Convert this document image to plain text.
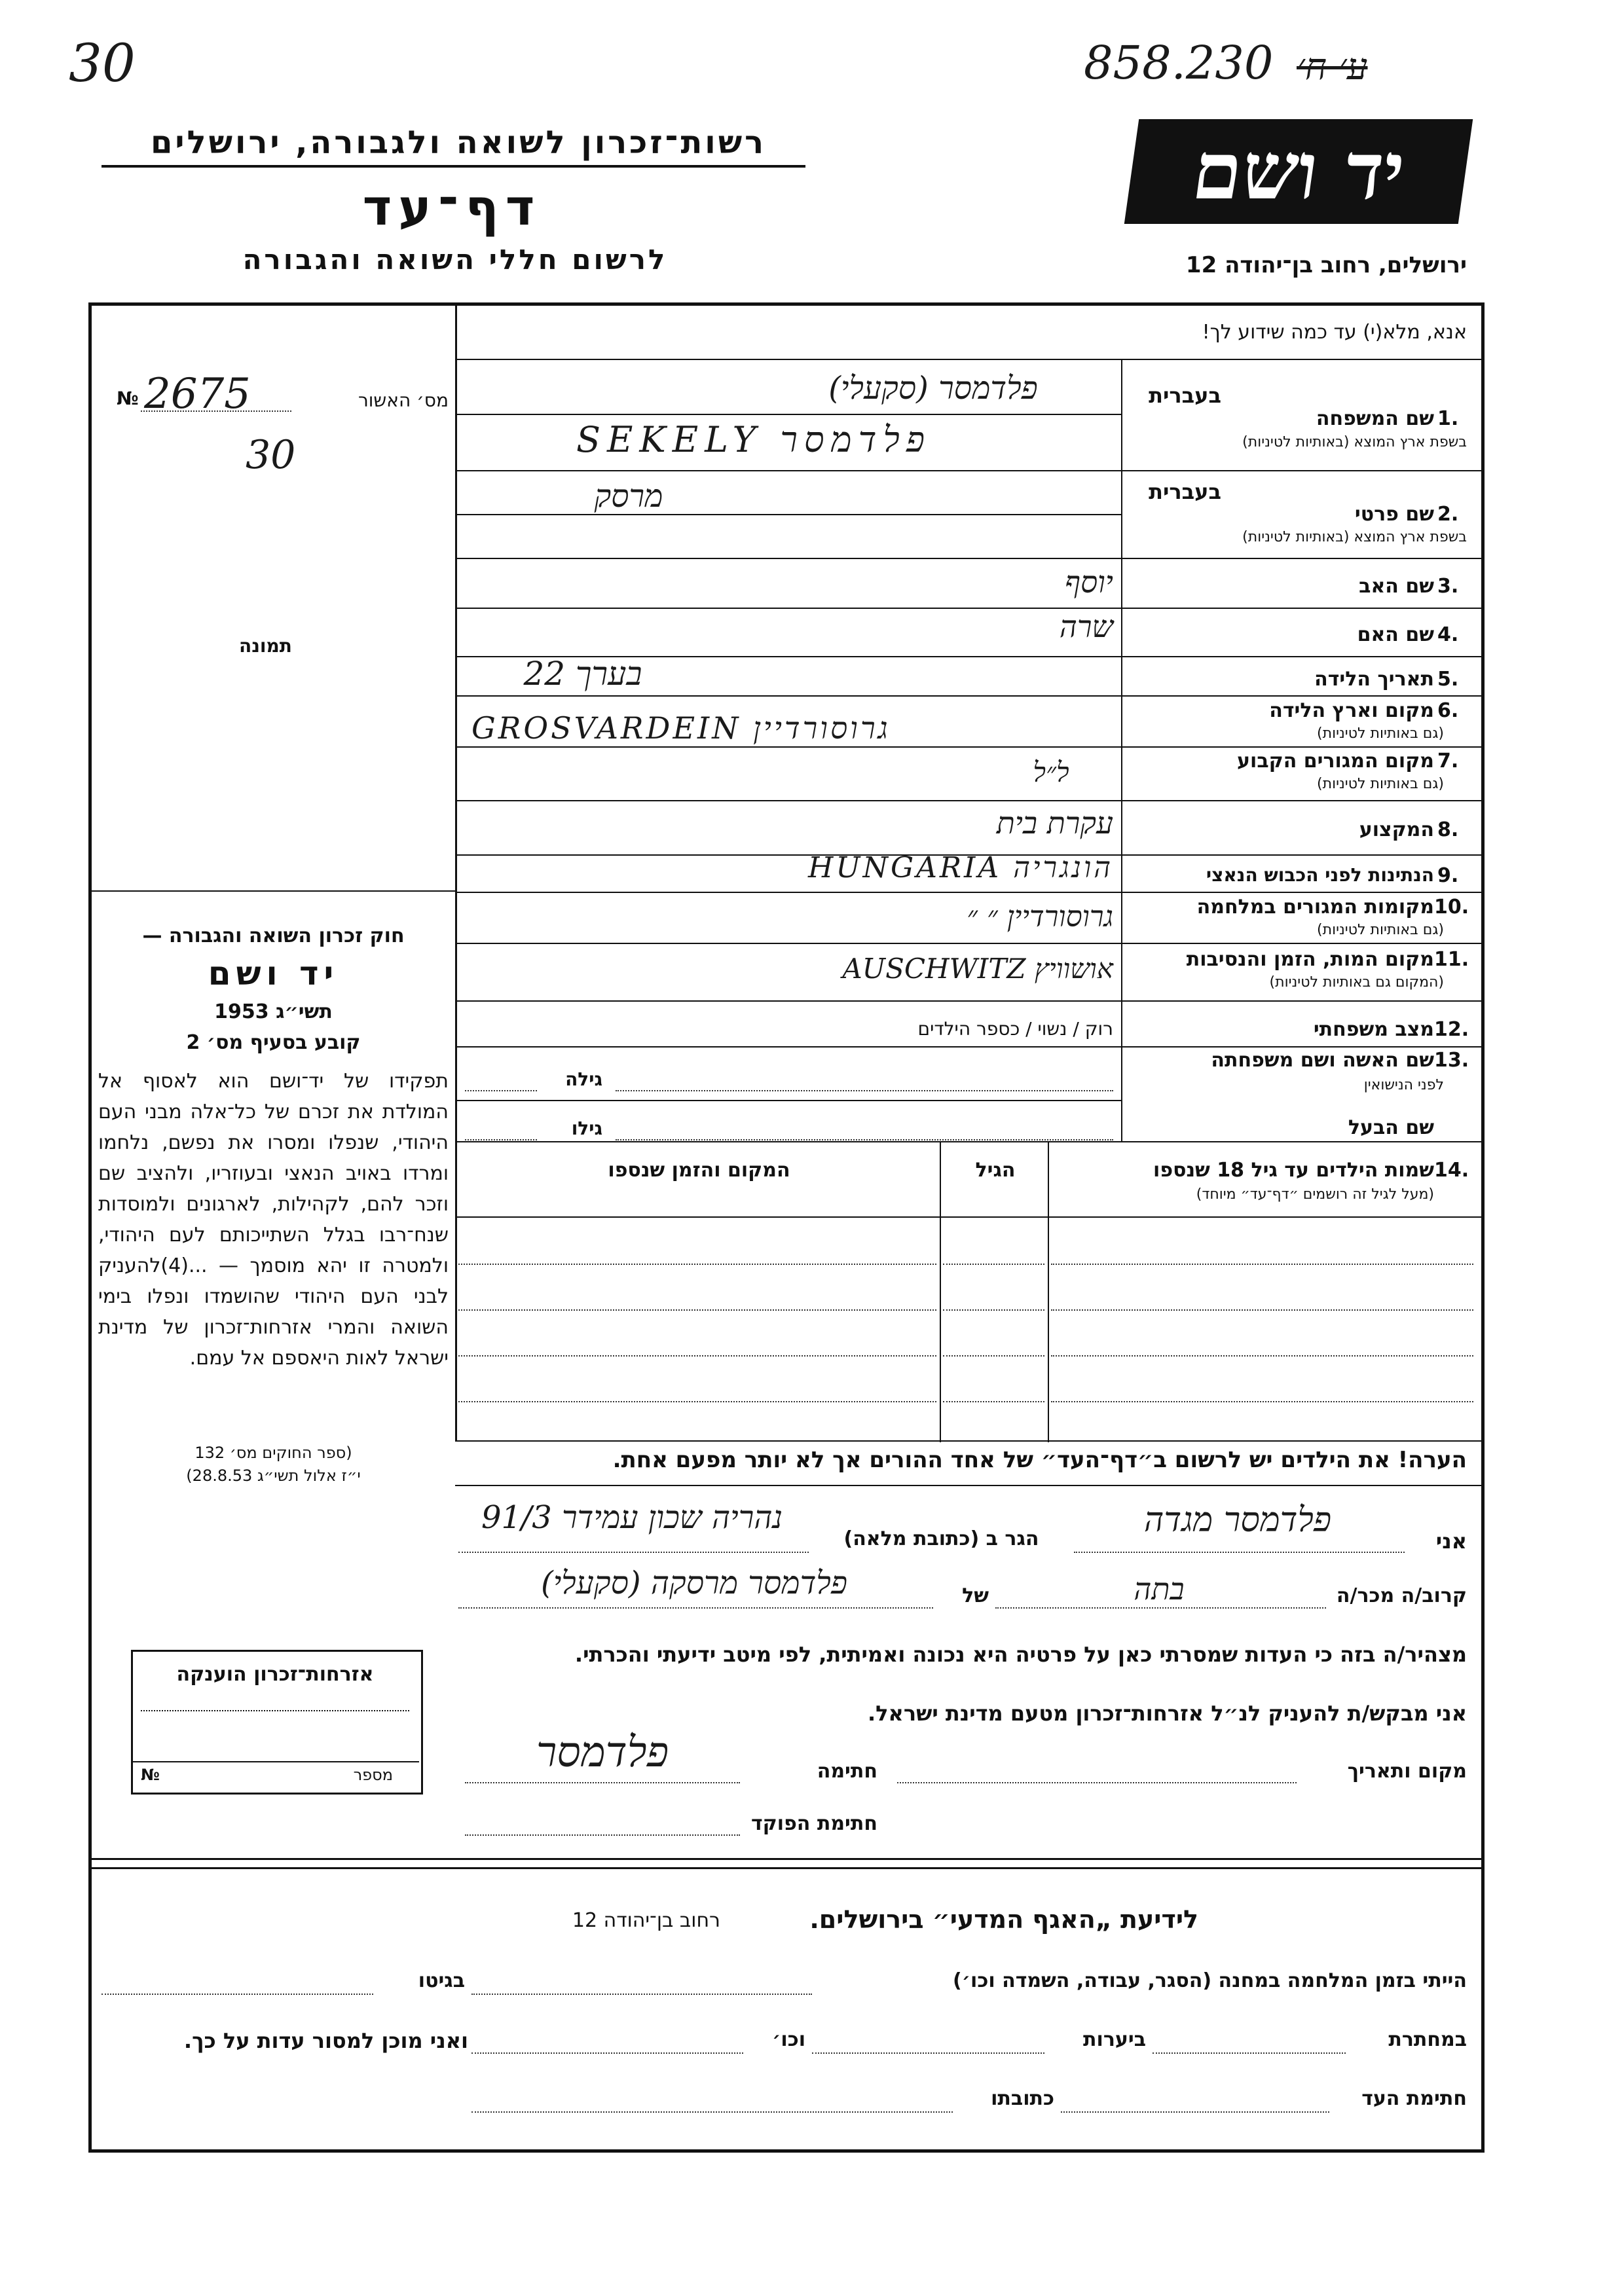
30	858.230 ע׳ ח׳
רשות־זכרון לשואה ולגבורה, ירושלים
דף־עד
לרשום חללי השואה והגבורה
יד ושם
ירושלים, רחוב בן־יהודה 12
אנא, מלא(י) עד כמה שידוע לך!
№ 2675	מס׳ האשור
30
תמונה
חוק זכרון השואה והגבורה —
יד ושם
תשי״ג 1953
קובע בסעיף מס׳ 2
תפקידו של יד־ושם הוא לאסוף אל המולדת את זכרם של כל־אלה מבני העם היהודי, שנפלו ומסרו את נפשם, נלחמו ומרדו באויב הנאצי ובעוזריו, ולהציב שם וזכר להם, לקהילות, לארגונים ולמוסדות שנח־רבו בגלל השתייכותם לעם היהודי, ולמטרה זו יהא מוסמך — ...(4)להעניק לבני העם היהודי שהושמדו ונפלו בימי השואה והמרי אזרחות־זכרון של מדינת ישראל לאות היאספם אל עמם.
(ספר החוקים מס׳ 132
י״ז אלול תשי״ג 28.8.53)
אזרחות־זכרון הוענקה
№	מספר
בעברית
שם המשפחה 1.
בשפת ארץ המוצא (באותיות לטיניות)
פלדמסר (סקעלי)
SEKELY פלדמסר
בעברית
שם פרטי 2.
בשפת ארץ המוצא (באותיות לטיניות)
מרסק
שם האב 3.
יוסף
שם האם 4.
שרה
תאריך הלידה 5.
בערך 22
מקום וארץ הלידה 6.
(גם באותיות לטיניות)
GROSVARDEIN גרוסורדיין
מקום המגורים הקבוע 7.
(גם באותיות לטיניות)
ל״ל
המקצוע 8.
עקרת בית
הנתינות לפני הכבוש הנאצי 9.
הונגריה HUNGARIA
מקומות המגורים במלחמה 10.
(גם באותיות לטיניות)
גרוסורדיין ״ ״
מקום המות, הזמן והנסיבות 11.
(המקום גם באותיות לטיניות)
אושוויץ AUSCHWITZ
מצב משפחתי 12.
רוק / נשוי / כספר הילדים
שם האשה ושם משפחתה 13.
לפני הנישואין
גילה
שם הבעל
גילו
14.
שמות הילדים עד גיל 18 שנספו
(מעל לגיל זה רושמים ״דף־עד״ מיוחד)
הגיל
המקום והזמן שנספו
הערה! את הילדים יש לרשום ב״דף־העד״ של אחד ההורים אך לא יותר מפעם אחת.
אני
פלדמסר מגדה
הגר ב (כתובת מלאה)
נהריה שכון עמידר 91/3
קרוב/ה מכר/ה
בתה
של
פלדמסר מרסקה (סקעלי)
מצהיר/ה בזה כי העדות שמסרתי כאן על פרטיה היא נכונה ואמיתית, לפי מיטב ידיעתי והכרתי.
אני מבקש/ת להעניק לנ״ל אזרחות־זכרון מטעם מדינת ישראל.
מקום ותאריך
חתימה
פלדמסר
חתימת הפוקד
לידיעת „האגף המדעי״ בירושלים.
רחוב בן־יהודה 12
הייתי בזמן המלחמה במחנה (הסגר, עבודה, השמדה וכו׳)
בגיטו
במחתרת
ביערות
וכו׳
ואני מוכן למסור עדות על כך.
חתימת העד
כתובתו
